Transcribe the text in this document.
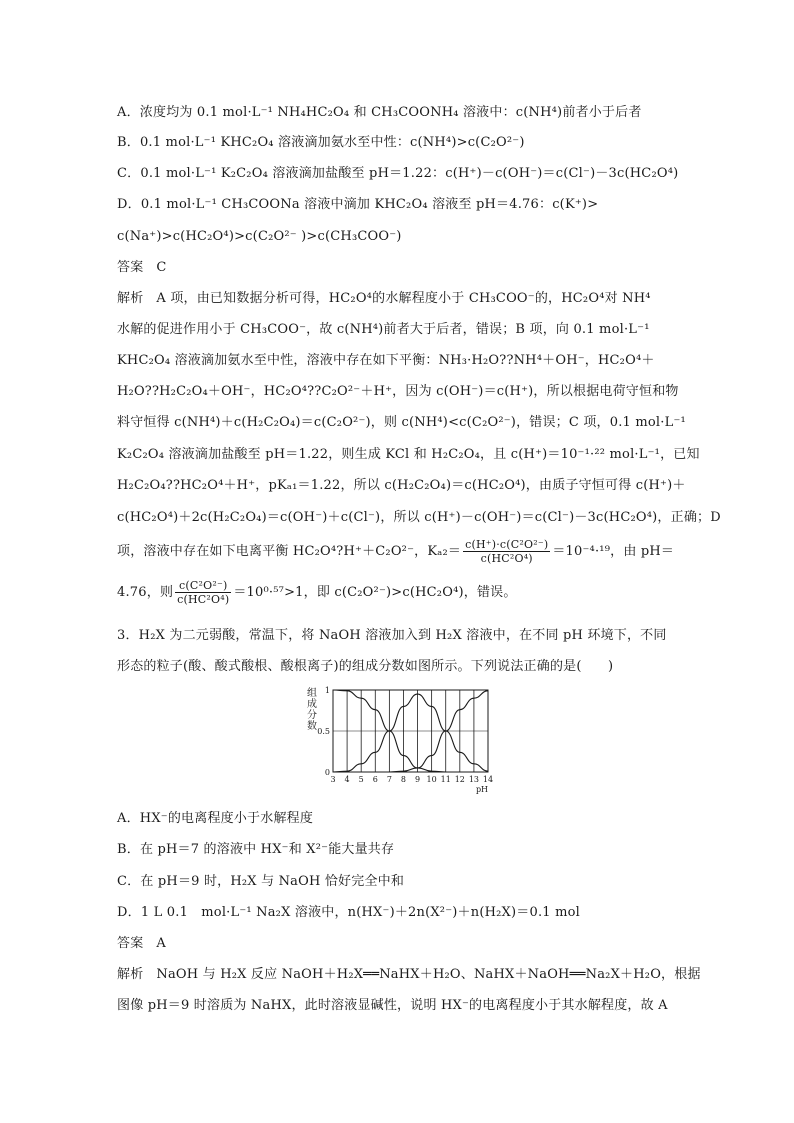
A．浓度均为 0.1 mol·L⁻¹ NH₄HC₂O₄ 和 CH₃COONH₄ 溶液中：c(NH⁴)前者小于后者
B．0.1 mol·L⁻¹ KHC₂O₄ 溶液滴加氨水至中性：c(NH⁴)>c(C₂O²⁻)
C．0.1 mol·L⁻¹ K₂C₂O₄ 溶液滴加盐酸至 pH＝1.22：c(H⁺)－c(OH⁻)＝c(Cl⁻)－3c(HC₂O⁴)
D．0.1 mol·L⁻¹ CH₃COONa 溶液中滴加 KHC₂O₄ 溶液至 pH＝4.76：c(K⁺)>
c(Na⁺)>c(HC₂O⁴)>c(C₂O²⁻ )>c(CH₃COO⁻)
答案 C
解析 A 项，由已知数据分析可得，HC₂O⁴的水解程度小于 CH₃COO⁻的，HC₂O⁴对 NH⁴
水解的促进作用小于 CH₃COO⁻，故 c(NH⁴)前者大于后者，错误；B 项，向 0.1 mol·L⁻¹
KHC₂O₄ 溶液滴加氨水至中性，溶液中存在如下平衡：NH₃·H₂O??NH⁴＋OH⁻，HC₂O⁴＋
H₂O??H₂C₂O₄＋OH⁻，HC₂O⁴??C₂O²⁻＋H⁺，因为 c(OH⁻)＝c(H⁺)，所以根据电荷守恒和物
料守恒得 c(NH⁴)＋c(H₂C₂O₄)＝c(C₂O²⁻)，则 c(NH⁴)<c(C₂O²⁻)，错误；C 项，0.1 mol·L⁻¹
K₂C₂O₄ 溶液滴加盐酸至 pH＝1.22，则生成 KCl 和 H₂C₂O₄，且 c(H⁺)＝10⁻¹·²² mol·L⁻¹，已知
H₂C₂O₄??HC₂O⁴＋H⁺，pKₐ₁＝1.22，所以 c(H₂C₂O₄)＝c(HC₂O⁴)，由质子守恒可得 c(H⁺)＋
c(HC₂O⁴)＋2c(H₂C₂O₄)＝c(OH⁻)＋c(Cl⁻)，所以 c(H⁺)－c(OH⁻)＝c(Cl⁻)－3c(HC₂O⁴)，正确；D
项，溶液中存在如下电离平衡 HC₂O⁴?H⁺＋C₂O²⁻，$K_{a2}= \frac{\text{c(H⁺)·c(C²O²⁻)}}{\text{c(HC²O⁴)}} =10^{-4}\cdot^{19}$，由 pH＝
4.76，则 $\frac{\text{c(C²O²⁻)}}{\text{c(HC²O⁴)}} =10^0\cdot^{57}>1$，即 c(C₂O²⁻)>c(HC₂O⁴)，错误。
3．H₂X 为二元弱酸，常温下，将 NaOH 溶液加入到 H₂X 溶液中，在不同 pH 环境下，不同
形态的粒子(酸、酸式酸根、酸根离子)的组成分数如图所示。下列说法正确的是(　　)
3 4 5 6 7 8 9 10 11 12 13 14
0
0.5
1
pH
组
成
分
数
A．HX⁻的电离程度小于水解程度
B．在 pH＝7 的溶液中 HX⁻和 X²⁻能大量共存
C．在 pH＝9 时，H₂X 与 NaOH 恰好完全中和
D．1 L 0.1　mol·L⁻¹ Na₂X 溶液中，n(HX⁻)＋2n(X²⁻)＋n(H₂X)＝0.1 mol
答案 A
解析 NaOH 与 H₂X 反应 NaOH＋H₂X══NaHX＋H₂O、NaHX＋NaOH══Na₂X＋H₂O，根据
图像 pH＝9 时溶质为 NaHX，此时溶液显碱性，说明 HX⁻的电离程度小于其水解程度，故 A
